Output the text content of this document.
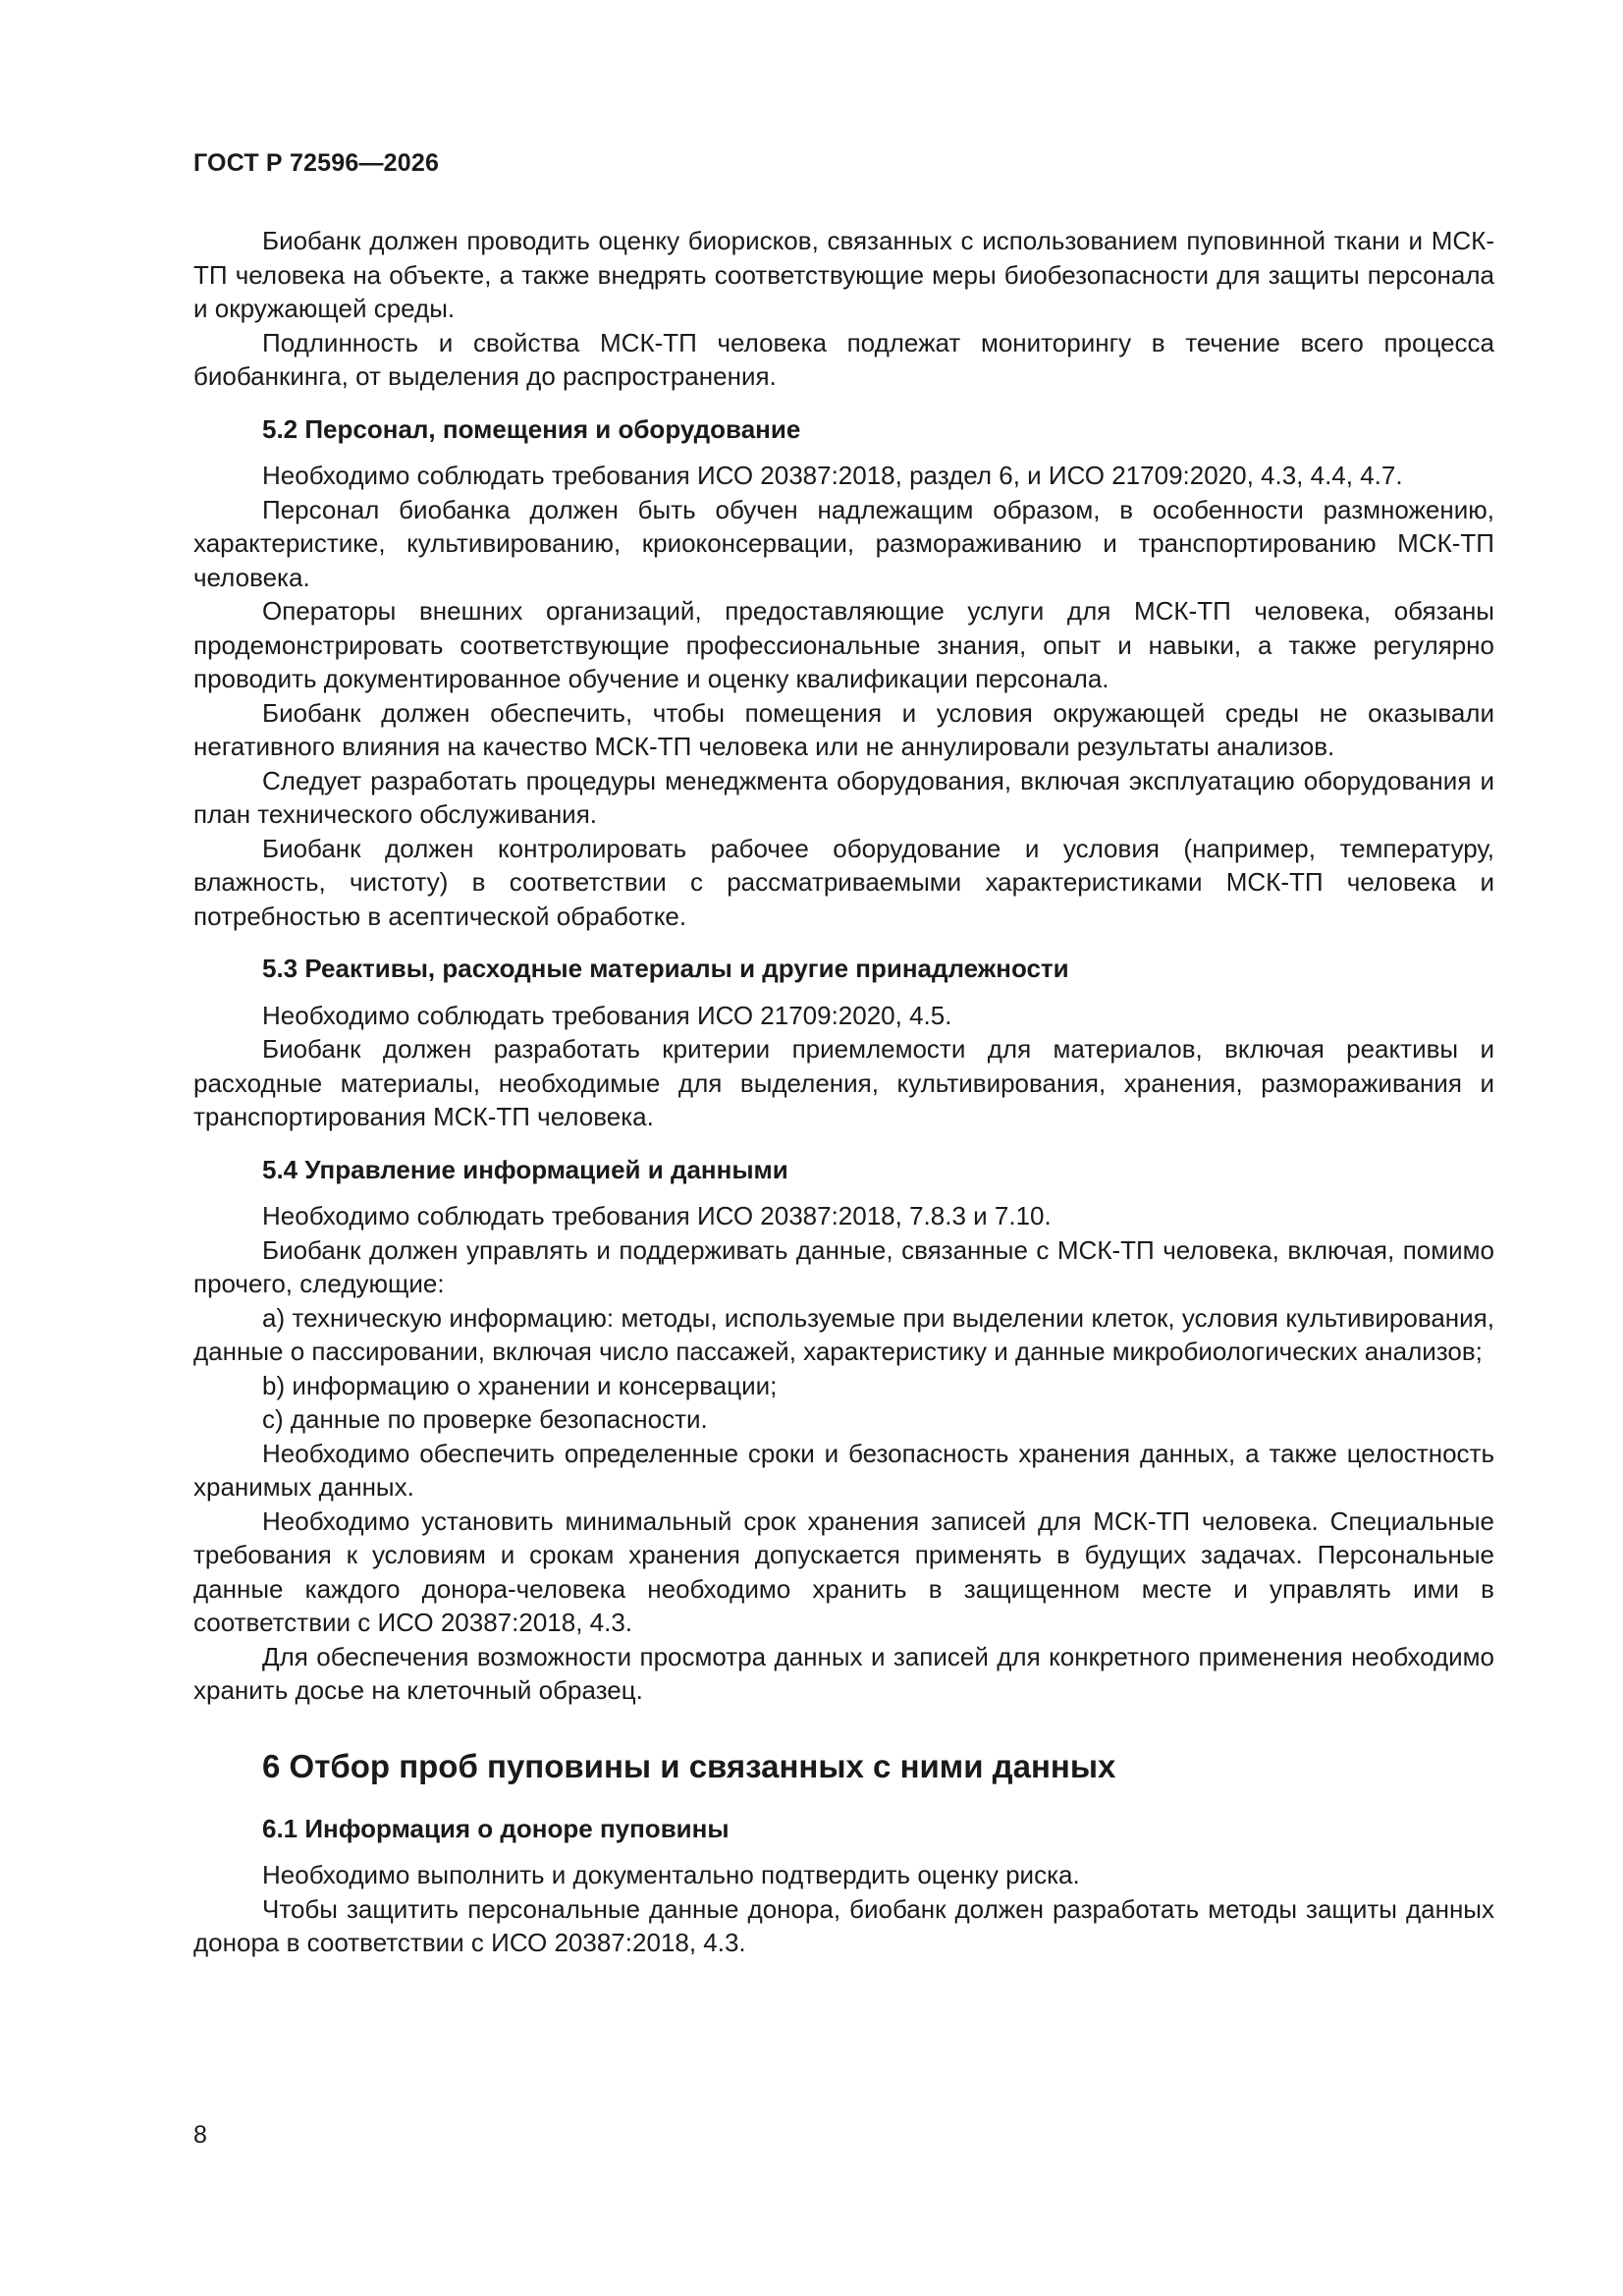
ГОСТ Р 72596—2026

Биобанк должен проводить оценку биорисков, связанных с использованием пуповинной ткани и МСК-ТП человека на объекте, а также внедрять соответствующие меры биобезопасности для защиты персонала и окружающей среды.

Подлинность и свойства МСК-ТП человека подлежат мониторингу в течение всего процесса биобанкинга, от выделения до распространения.

5.2 Персонал, помещения и оборудование

Необходимо соблюдать требования ИСО 20387:2018, раздел 6, и ИСО 21709:2020, 4.3, 4.4, 4.7.

Персонал биобанка должен быть обучен надлежащим образом, в особенности размножению, характеристике, культивированию, криоконсервации, размораживанию и транспортированию МСК-ТП человека.

Операторы внешних организаций, предоставляющие услуги для МСК-ТП человека, обязаны продемонстрировать соответствующие профессиональные знания, опыт и навыки, а также регулярно проводить документированное обучение и оценку квалификации персонала.

Биобанк должен обеспечить, чтобы помещения и условия окружающей среды не оказывали негативного влияния на качество МСК-ТП человека или не аннулировали результаты анализов.

Следует разработать процедуры менеджмента оборудования, включая эксплуатацию оборудования и план технического обслуживания.

Биобанк должен контролировать рабочее оборудование и условия (например, температуру, влажность, чистоту) в соответствии с рассматриваемыми характеристиками МСК-ТП человека и потребностью в асептической обработке.

5.3 Реактивы, расходные материалы и другие принадлежности

Необходимо соблюдать требования ИСО 21709:2020, 4.5.

Биобанк должен разработать критерии приемлемости для материалов, включая реактивы и расходные материалы, необходимые для выделения, культивирования, хранения, размораживания и транспортирования МСК-ТП человека.

5.4 Управление информацией и данными

Необходимо соблюдать требования ИСО 20387:2018, 7.8.3 и 7.10.

Биобанк должен управлять и поддерживать данные, связанные с МСК-ТП человека, включая, помимо прочего, следующие:

а) техническую информацию: методы, используемые при выделении клеток, условия культивирования, данные о пассировании, включая число пассажей, характеристику и данные микробиологических анализов;

b) информацию о хранении и консервации;

c) данные по проверке безопасности.

Необходимо обеспечить определенные сроки и безопасность хранения данных, а также целостность хранимых данных.

Необходимо установить минимальный срок хранения записей для МСК-ТП человека. Специальные требования к условиям и срокам хранения допускается применять в будущих задачах. Персональные данные каждого донора-человека необходимо хранить в защищенном месте и управлять ими в соответствии с ИСО 20387:2018, 4.3.

Для обеспечения возможности просмотра данных и записей для конкретного применения необходимо хранить досье на клеточный образец.

6 Отбор проб пуповины и связанных с ними данных
6.1 Информация о доноре пуповины

Необходимо выполнить и документально подтвердить оценку риска.

Чтобы защитить персональные данные донора, биобанк должен разработать методы защиты данных донора в соответствии с ИСО 20387:2018, 4.3.

8
